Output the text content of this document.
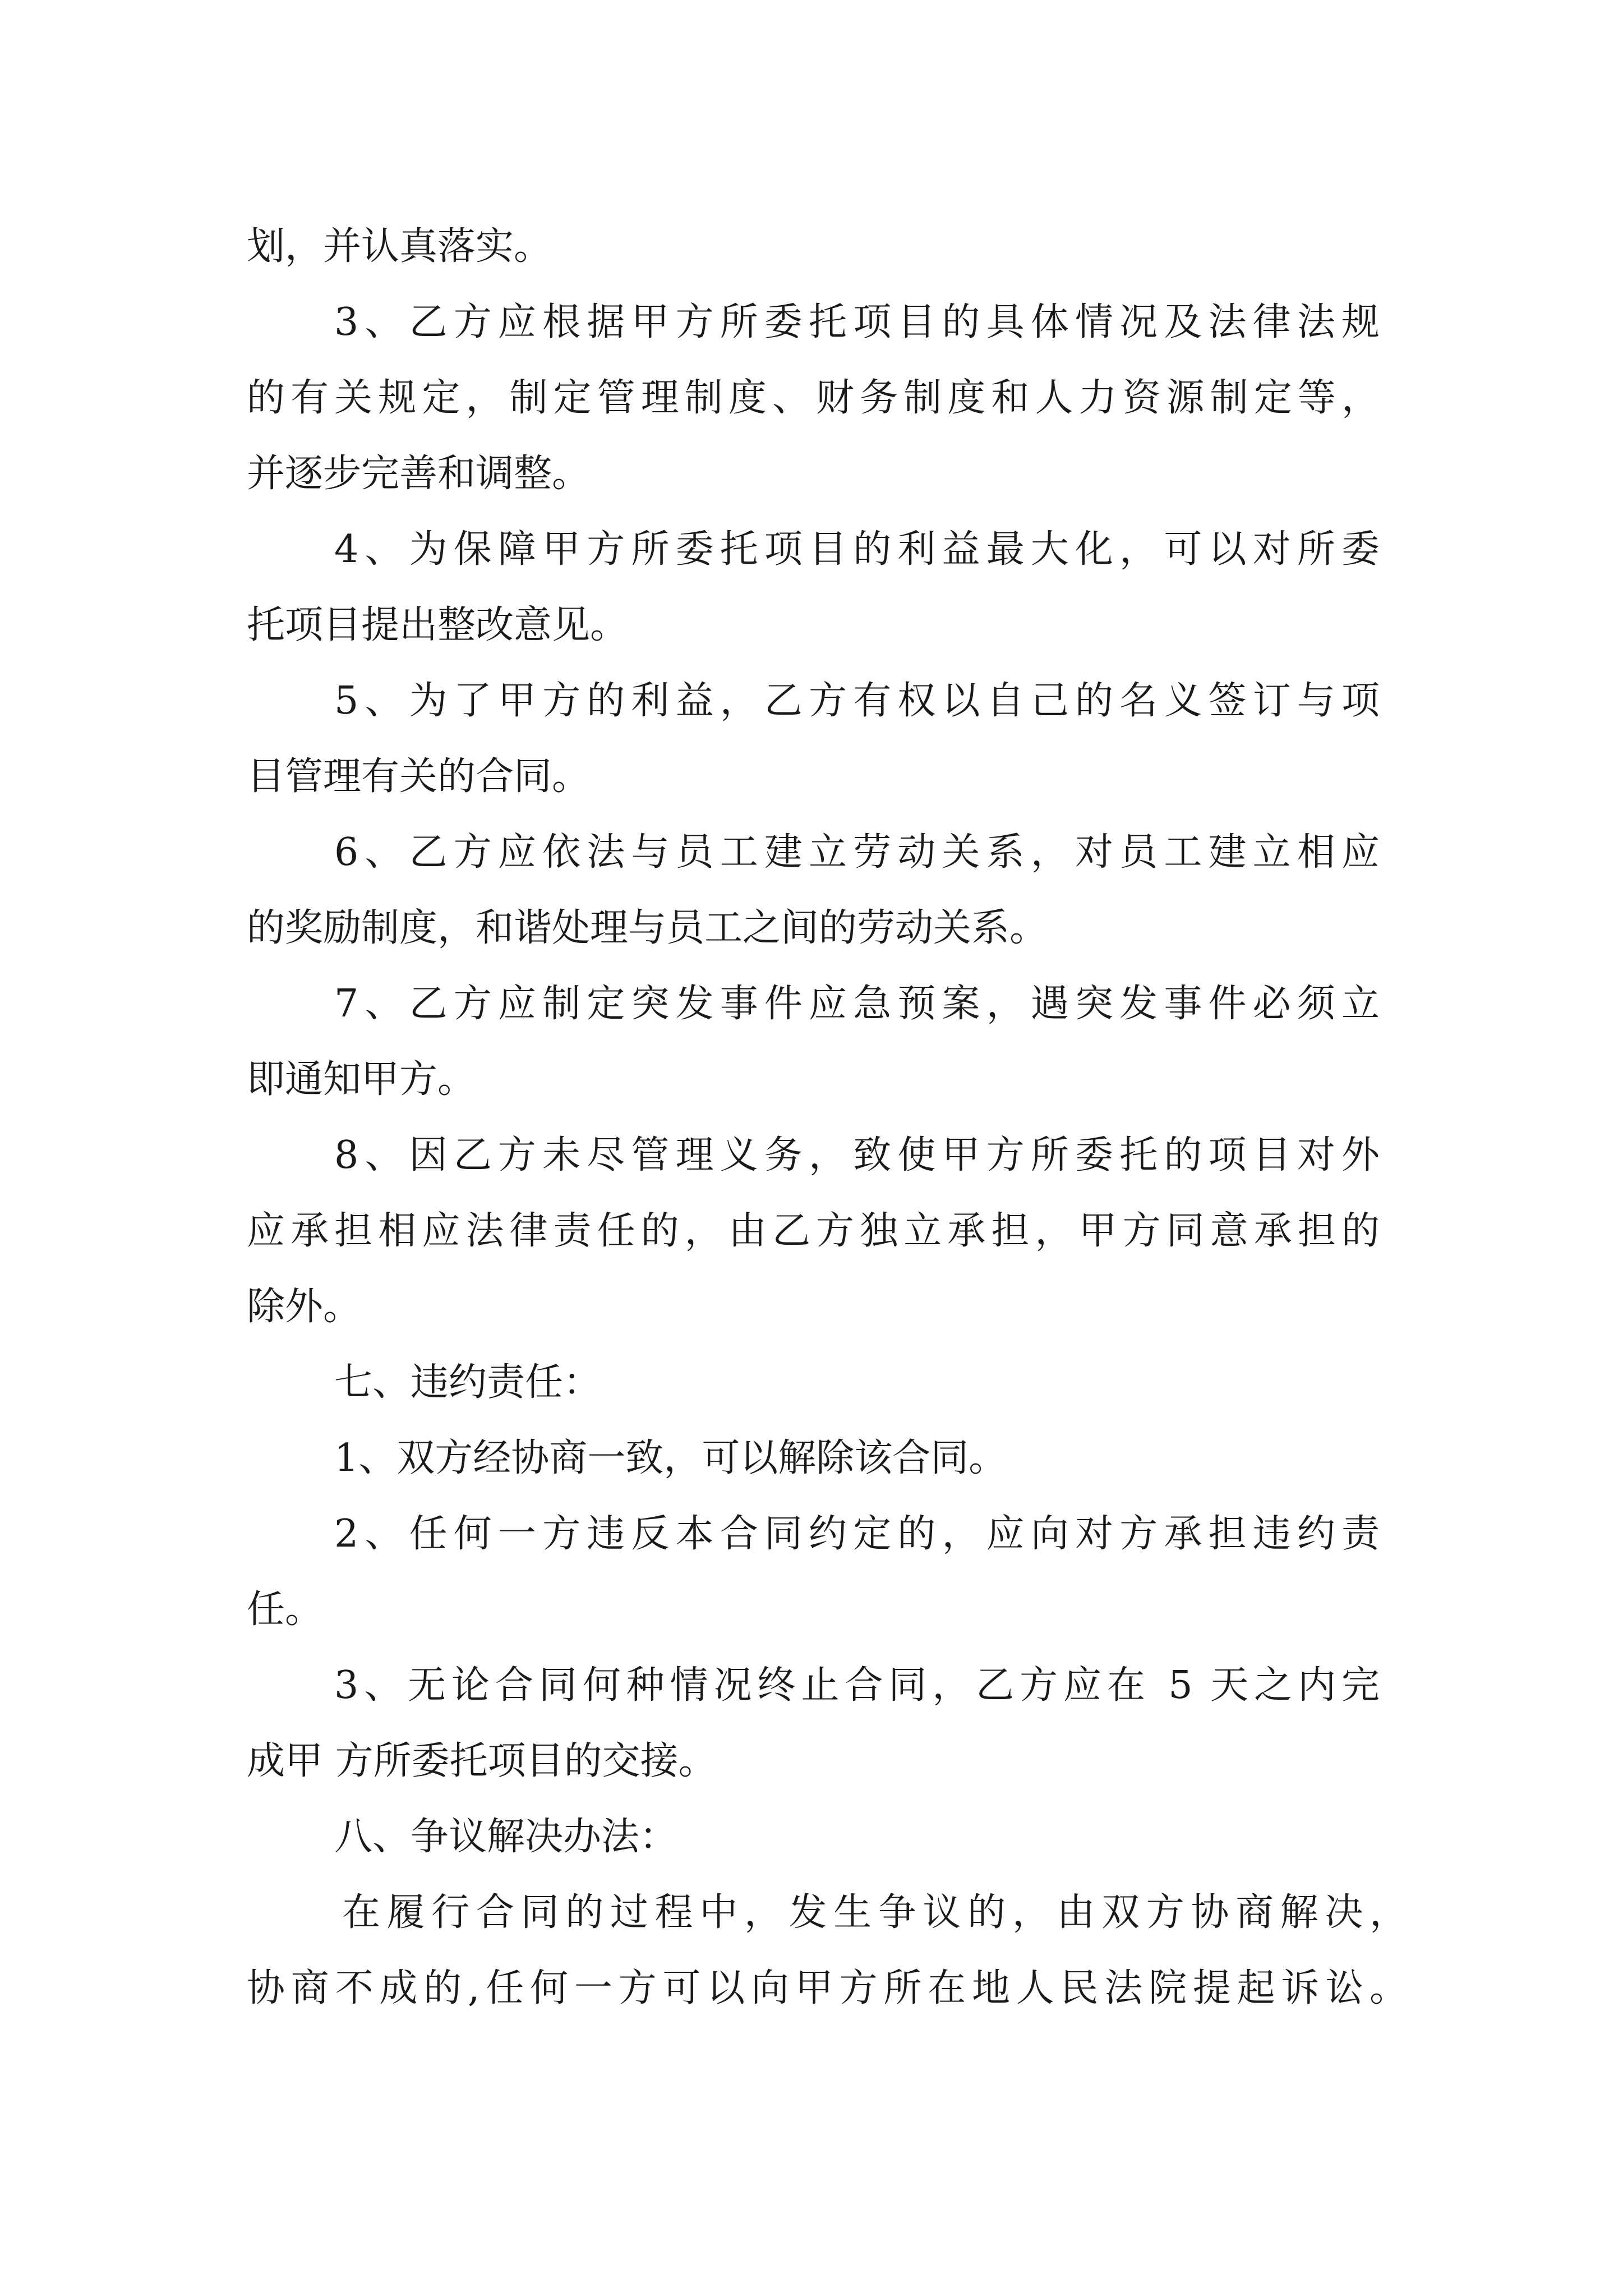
划，并认真落实。

3、乙方应根据甲方所委托项目的具体情况及法律法规

的有关规定，制定管理制度、财务制度和人力资源制定等，

并逐步完善和调整。

4、为保障甲方所委托项目的利益最大化，可以对所委

托项目提出整改意见。

5、为了甲方的利益，乙方有权以自己的名义签订与项

目管理有关的合同。

6、乙方应依法与员工建立劳动关系，对员工建立相应

的奖励制度，和谐处理与员工之间的劳动关系。

7、乙方应制定突发事件应急预案，遇突发事件必须立

即通知甲方。

8、因乙方未尽管理义务，致使甲方所委托的项目对外

应承担相应法律责任的，由乙方独立承担，甲方同意承担的

除外。

七、违约责任：

1、双方经协商一致，可以解除该合同。

2、任何一方违反本合同约定的，应向对方承担违约责

任。

3、无论合同何种情况终止合同，乙方应在 5 天之内完

成甲 方所委托项目的交接。

八、争议解决办法：

在履行合同的过程中，发生争议的，由双方协商解决，

协商不成的,任何一方可以向甲方所在地人民法院提起诉讼。
